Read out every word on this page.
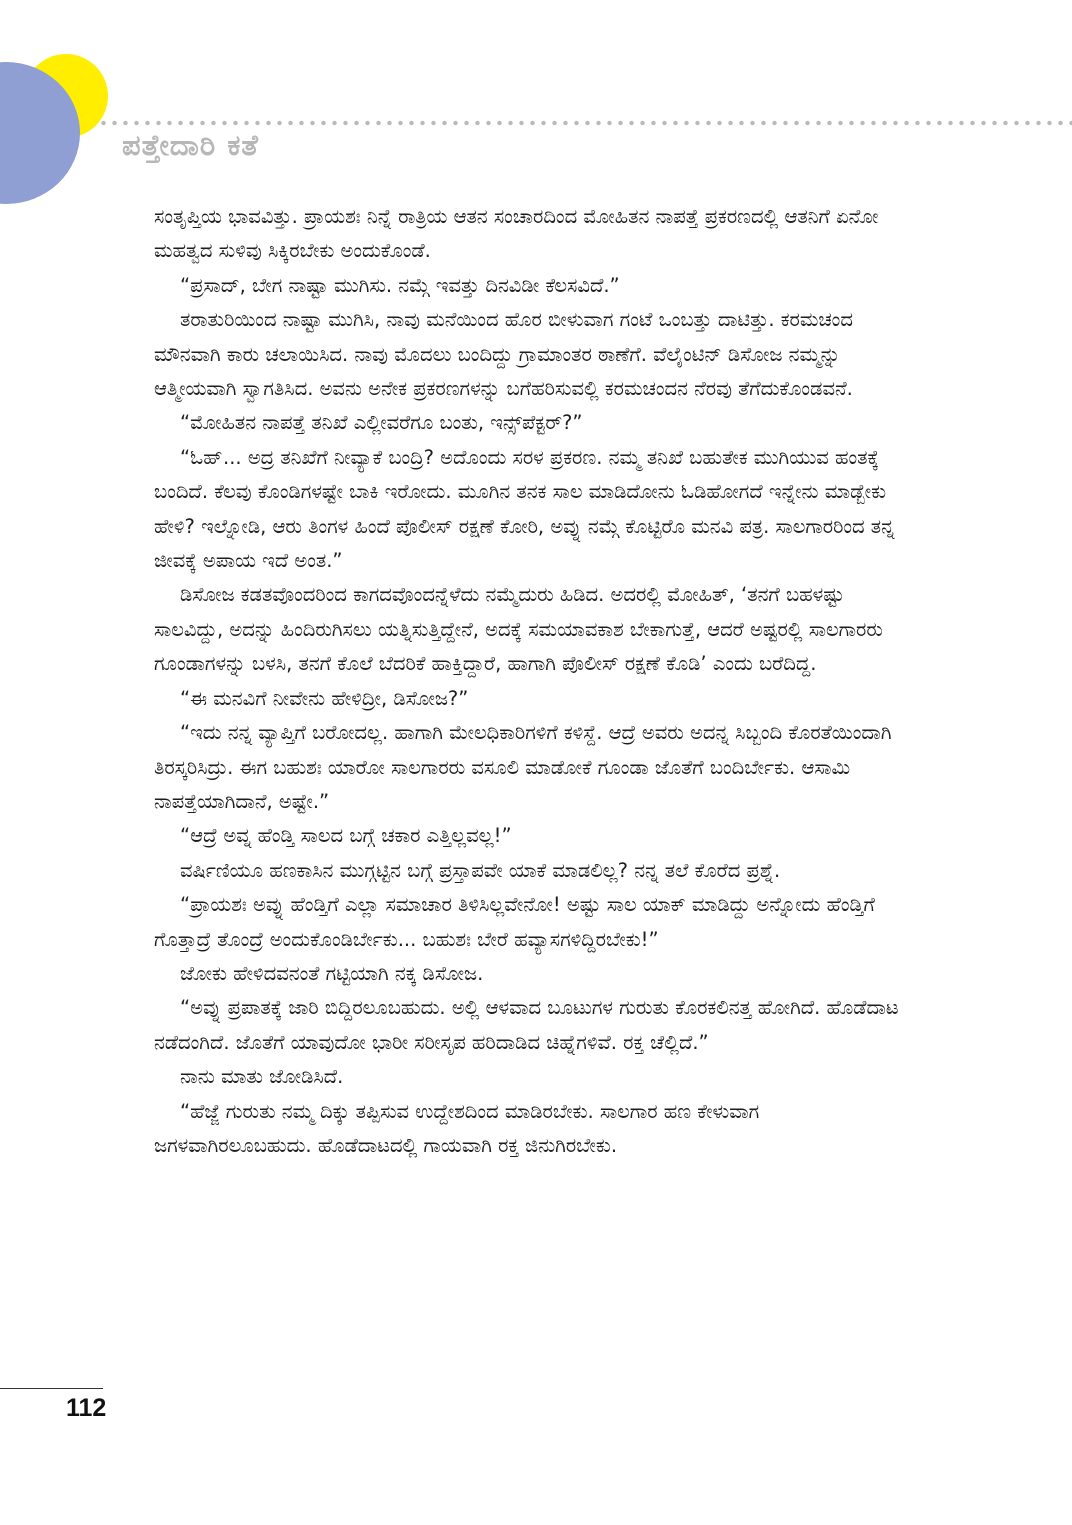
ಪತ್ತೇದಾರಿ ಕತೆ

ಸಂತೃಪ್ತಿಯ ಭಾವವಿತ್ತು. ಪ್ರಾಯಶಃ ನಿನ್ನೆ ರಾತ್ರಿಯ ಆತನ ಸಂಚಾರದಿಂದ ಮೋಹಿತನ ನಾಪತ್ತೆ ಪ್ರಕರಣದಲ್ಲಿ ಆತನಿಗೆ ಏನೋ ಮಹತ್ವದ ಸುಳಿವು ಸಿಕ್ಕಿರಬೇಕು ಅಂದುಕೊಂಡೆ.

“ಪ್ರಸಾದ್, ಬೇಗ ನಾಷ್ಟಾ ಮುಗಿಸು. ನಮ್ಗೆ ಇವತ್ತು ದಿನವಿಡೀ ಕೆಲಸವಿದೆ.”

ತರಾತುರಿಯಿಂದ ನಾಷ್ಟಾ ಮುಗಿಸಿ, ನಾವು ಮನೆಯಿಂದ ಹೊರ ಬೀಳುವಾಗ ಗಂಟೆ ಒಂಬತ್ತು ದಾಟಿತ್ತು. ಕರಮಚಂದ ಮೌನವಾಗಿ ಕಾರು ಚಲಾಯಿಸಿದ. ನಾವು ಮೊದಲು ಬಂದಿದ್ದು ಗ್ರಾಮಾಂತರ ಠಾಣೆಗೆ. ವೆಲೈಂಟಿನ್ ಡಿಸೋಜ ನಮ್ಮನ್ನು ಆತ್ಮೀಯವಾಗಿ ಸ್ವಾಗತಿಸಿದ. ಅವನು ಅನೇಕ ಪ್ರಕರಣಗಳನ್ನು ಬಗೆಹರಿಸುವಲ್ಲಿ ಕರಮಚಂದನ ನೆರವು ತೆಗೆದುಕೊಂಡವನೆ.

“ಮೋಹಿತನ ನಾಪತ್ತೆ ತನಿಖೆ ಎಲ್ಲೀವರೆಗೂ ಬಂತು, ಇನ್ಸ್‌ಪೆಕ್ಟರ್?”

“ಓಹ್... ಅದ್ರ ತನಿಖೆಗೆ ನೀವ್ಯಾಕೆ ಬಂದ್ರಿ? ಅದೊಂದು ಸರಳ ಪ್ರಕರಣ. ನಮ್ಮ ತನಿಖೆ ಬಹುತೇಕ ಮುಗಿಯುವ ಹಂತಕ್ಕೆ ಬಂದಿದೆ. ಕೆಲವು ಕೊಂಡಿಗಳಷ್ಟೇ ಬಾಕಿ ಇರೋದು. ಮೂಗಿನ ತನಕ ಸಾಲ ಮಾಡಿದೋನು ಓಡಿಹೋಗದೆ ಇನ್ನೇನು ಮಾಡ್ಬೇಕು ಹೇಳಿ? ಇಲ್ನೋಡಿ, ಆರು ತಿಂಗಳ ಹಿಂದೆ ಪೊಲೀಸ್ ರಕ್ಷಣೆ ಕೋರಿ, ಅವ್ನು ನಮ್ಗೆ ಕೊಟ್ಟಿರೊ ಮನವಿ ಪತ್ರ. ಸಾಲಗಾರರಿಂದ ತನ್ನ ಜೀವಕ್ಕೆ ಅಪಾಯ ಇದೆ ಅಂತ.”

ಡಿಸೋಜ ಕಡತವೊಂದರಿಂದ ಕಾಗದವೊಂದನ್ನೆಳೆದು ನಮ್ಮೆದುರು ಹಿಡಿದ. ಅದರಲ್ಲಿ ಮೋಹಿತ್, ‘ತನಗೆ ಬಹಳಷ್ಟು ಸಾಲವಿದ್ದು, ಅದನ್ನು ಹಿಂದಿರುಗಿಸಲು ಯತ್ನಿಸುತ್ತಿದ್ದೇನೆ, ಅದಕ್ಕೆ ಸಮಯಾವಕಾಶ ಬೇಕಾಗುತ್ತೆ, ಆದರೆ ಅಷ್ಟರಲ್ಲಿ ಸಾಲಗಾರರು ಗೂಂಡಾಗಳನ್ನು ಬಳಸಿ, ತನಗೆ ಕೊಲೆ ಬೆದರಿಕೆ ಹಾಕ್ತಿದ್ದಾರೆ, ಹಾಗಾಗಿ ಪೊಲೀಸ್ ರಕ್ಷಣೆ ಕೊಡಿ’ ಎಂದು ಬರೆದಿದ್ದ.

“ಈ ಮನವಿಗೆ ನೀವೇನು ಹೇಳಿದ್ರೀ, ಡಿಸೋಜ?”

“ಇದು ನನ್ನ ವ್ಯಾಪ್ತಿಗೆ ಬರೋದಲ್ಲ. ಹಾಗಾಗಿ ಮೇಲಧಿಕಾರಿಗಳಿಗೆ ಕಳಿಸ್ದೆ. ಆದ್ರೆ ಅವರು ಅದನ್ನ ಸಿಬ್ಬಂದಿ ಕೊರತೆಯಿಂದಾಗಿ ತಿರಸ್ಕರಿಸಿದ್ರು. ಈಗ ಬಹುಶಃ ಯಾರೋ ಸಾಲಗಾರರು ವಸೂಲಿ ಮಾಡೋಕೆ ಗೂಂಡಾ ಜೊತೆಗೆ ಬಂದಿರ್ಬೇಕು. ಆಸಾಮಿ ನಾಪತ್ತೆಯಾಗಿದಾನೆ, ಅಷ್ಟೇ.”

“ಆದ್ರೆ ಅವ್ನ ಹೆಂಡ್ತಿ ಸಾಲದ ಬಗ್ಗೆ ಚಕಾರ ಎತ್ತಿಲ್ಲವಲ್ಲ!”

ವರ್ಷಿಣಿಯೂ ಹಣಕಾಸಿನ ಮುಗ್ಗಟ್ಟಿನ ಬಗ್ಗೆ ಪ್ರಸ್ತಾಪವೇ ಯಾಕೆ ಮಾಡಲಿಲ್ಲ? ನನ್ನ ತಲೆ ಕೊರೆದ ಪ್ರಶ್ನೆ.

“ಪ್ರಾಯಶಃ ಅವ್ನು ಹೆಂಡ್ತಿಗೆ ಎಲ್ಲಾ ಸಮಾಚಾರ ತಿಳಿಸಿಲ್ಲವೇನೋ! ಅಷ್ಟು ಸಾಲ ಯಾಕ್ ಮಾಡಿದ್ದು ಅನ್ನೋದು ಹೆಂಡ್ತಿಗೆ ಗೊತ್ತಾದ್ರೆ ತೊಂದ್ರೆ ಅಂದುಕೊಂಡಿರ್ಬೇಕು... ಬಹುಶಃ ಬೇರೆ ಹವ್ಯಾಸಗಳಿದ್ದಿರಬೇಕು!”

ಜೋಕು ಹೇಳಿದವನಂತೆ ಗಟ್ಟಿಯಾಗಿ ನಕ್ಕ ಡಿಸೋಜ.

“ಅವ್ನು ಪ್ರಪಾತಕ್ಕೆ ಜಾರಿ ಬಿದ್ದಿರಲೂಬಹುದು. ಅಲ್ಲಿ ಆಳವಾದ ಬೂಟುಗಳ ಗುರುತು ಕೊರಕಲಿನತ್ತ ಹೋಗಿದೆ. ಹೊಡೆದಾಟ ನಡೆದಂಗಿದೆ. ಜೊತೆಗೆ ಯಾವುದೋ ಭಾರೀ ಸರೀಸೃಪ ಹರಿದಾಡಿದ ಚಿಹ್ನೆಗಳಿವೆ. ರಕ್ತ ಚೆಲ್ಲಿದೆ.”

ನಾನು ಮಾತು ಜೋಡಿಸಿದೆ.

“ಹೆಜ್ಜೆ ಗುರುತು ನಮ್ಮ ದಿಕ್ಕು ತಪ್ಪಿಸುವ ಉದ್ದೇಶದಿಂದ ಮಾಡಿರಬೇಕು. ಸಾಲಗಾರ ಹಣ ಕೇಳುವಾಗ ಜಗಳವಾಗಿರಲೂಬಹುದು. ಹೊಡೆದಾಟದಲ್ಲಿ ಗಾಯವಾಗಿ ರಕ್ತ ಜಿನುಗಿರಬೇಕು.

112
